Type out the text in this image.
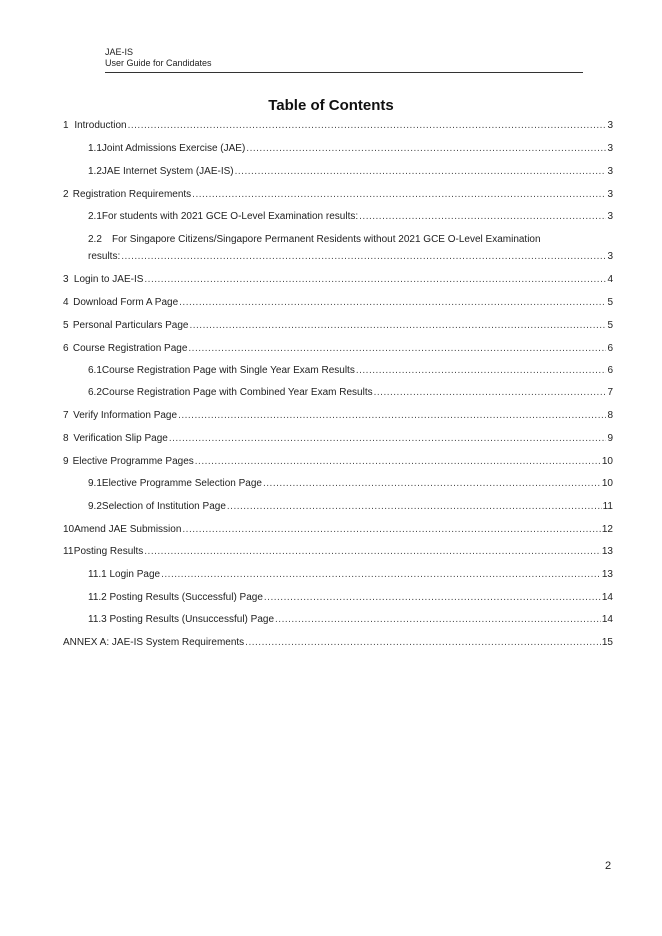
JAE-IS
User Guide for Candidates
Table of Contents
1 Introduction .....	3
1.1 Joint Admissions Exercise (JAE) .....	3
1.2 JAE Internet System (JAE-IS) .....	3
2 Registration Requirements .....	3
2.1 For students with 2021 GCE O-Level Examination results: .....	3
2.2 For Singapore Citizens/Singapore Permanent Residents without 2021 GCE O-Level Examination
results: .....	3
3 Login to JAE-IS .....	4
4 Download Form A Page .....	5
5 Personal Particulars Page .....	5
6 Course Registration Page .....	6
6.1 Course Registration Page with Single Year Exam Results .....	6
6.2 Course Registration Page with Combined Year Exam Results .....	7
7 Verify Information Page .....	8
8 Verification Slip Page .....	9
9 Elective Programme Pages .....	10
9.1 Elective Programme Selection Page .....	10
9.2 Selection of Institution Page .....	11
10 Amend JAE Submission .....	12
11 Posting Results .....	13
11.1 Login Page .....	13
11.2 Posting Results (Successful) Page .....	14
11.3 Posting Results (Unsuccessful) Page .....	14
ANNEX A: JAE-IS System Requirements .....	15
2
